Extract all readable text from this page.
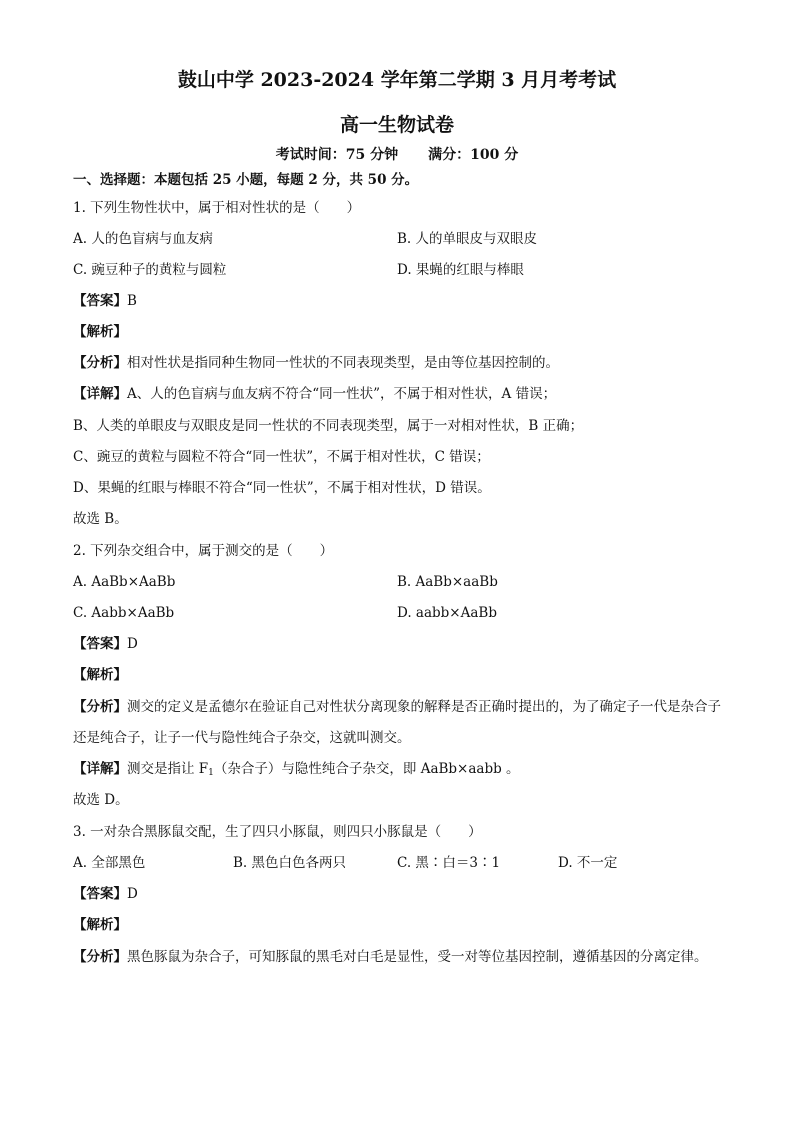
鼓山中学 2023-2024 学年第二学期 3 月月考考试
高一生物试卷
考试时间：75 分钟 满分：100 分
一、选择题：本题包括 25 小题，每题 2 分，共 50 分。
1. 下列生物性状中，属于相对性状的是（　　）
A. 人的色盲病与血友病	B. 人的单眼皮与双眼皮
C. 豌豆种子的黄粒与圆粒	D. 果蝇的红眼与棒眼
【答案】B
【解析】
【分析】相对性状是指同种生物同一性状的不同表现类型，是由等位基因控制的。
【详解】A、人的色盲病与血友病不符合“同一性状”，不属于相对性状，A 错误；
B、人类的单眼皮与双眼皮是同一性状的不同表现类型，属于一对相对性状，B 正确；
C、豌豆的黄粒与圆粒不符合“同一性状”，不属于相对性状，C 错误；
D、果蝇的红眼与棒眼不符合“同一性状”，不属于相对性状，D 错误。
故选 B。
2. 下列杂交组合中，属于测交的是（　　）
A. AaBb×AaBb	B. AaBb×aaBb
C. Aabb×AaBb	D. aabb×AaBb
【答案】D
【解析】
【分析】测交的定义是孟德尔在验证自己对性状分离现象的解释是否正确时提出的，为了确定子一代是杂合子还是纯合子，让子一代与隐性纯合子杂交，这就叫测交。
【详解】测交是指让 $F_1$（杂合子）与隐性纯合子杂交，即 AaBb×aabb 。
故选 D。
3. 一对杂合黑豚鼠交配，生了四只小豚鼠，则四只小豚鼠是（　　）
A. 全部黑色	B. 黑色白色各两只	C. 黑∶白＝3∶1	D. 不一定
【答案】D
【解析】
【分析】黑色豚鼠为杂合子，可知豚鼠的黑毛对白毛是显性，受一对等位基因控制，遵循基因的分离定律。
